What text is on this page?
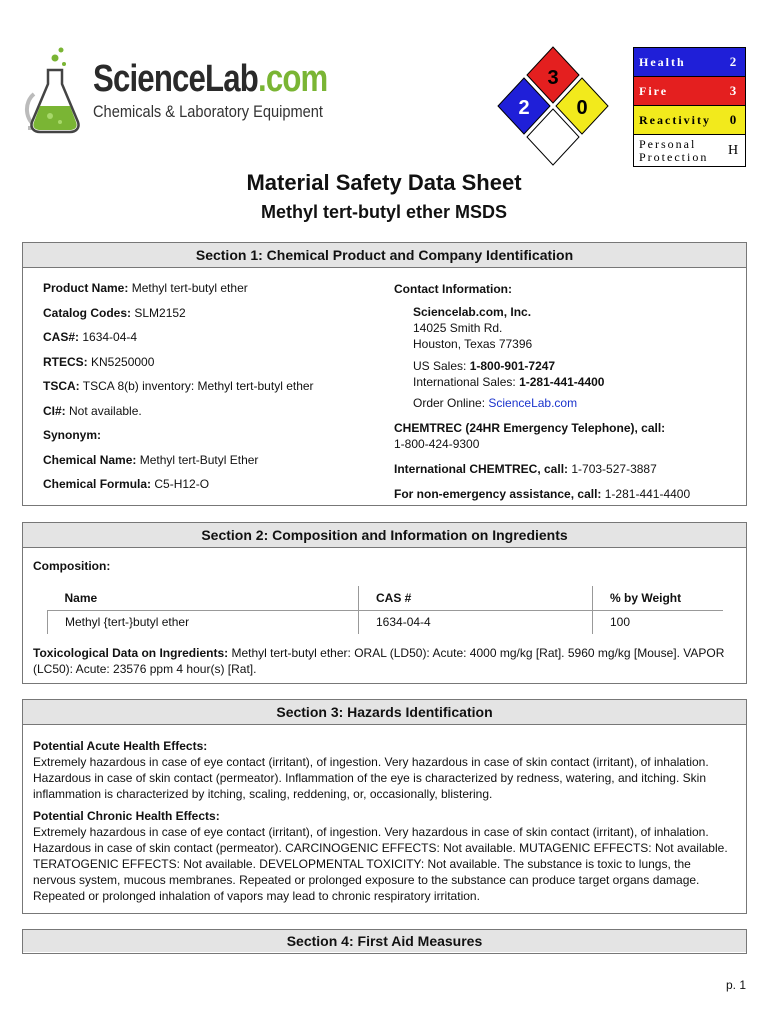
ScienceLab.com
Chemicals & Laboratory Equipment
3
2 0
Health	2
Fire	3
Reactivity	0
Personal
Protection	H
Material Safety Data Sheet
Methyl tert-butyl ether MSDS
Section 1: Chemical Product and Company Identification
Product Name: Methyl tert-butyl ether
Catalog Codes: SLM2152
CAS#: 1634-04-4
RTECS: KN5250000
TSCA: TSCA 8(b) inventory: Methyl tert-butyl ether
CI#: Not available.
Synonym:
Chemical Name: Methyl tert-Butyl Ether
Chemical Formula: C5-H12-O
Contact Information:
Sciencelab.com, Inc.
14025 Smith Rd.
Houston, Texas 77396
US Sales: 1-800-901-7247
International Sales: 1-281-441-4400
Order Online: ScienceLab.com
CHEMTREC (24HR Emergency Telephone), call:
1-800-424-9300
International CHEMTREC, call: 1-703-527-3887
For non-emergency assistance, call: 1-281-441-4400
Section 2: Composition and Information on Ingredients
Composition:
Name	CAS #	% by Weight
Methyl {tert-}butyl ether	1634-04-4	100
Toxicological Data on Ingredients: Methyl tert-butyl ether: ORAL (LD50): Acute: 4000 mg/kg [Rat]. 5960 mg/kg [Mouse]. VAPOR (LC50): Acute: 23576 ppm 4 hour(s) [Rat].
Section 3: Hazards Identification
Potential Acute Health Effects:

Extremely hazardous in case of eye contact (irritant), of ingestion. Very hazardous in case of skin contact (irritant), of inhalation. Hazardous in case of skin contact (permeator). Inflammation of the eye is characterized by redness, watering, and itching. Skin inflammation is characterized by itching, scaling, reddening, or, occasionally, blistering.

Potential Chronic Health Effects:

Extremely hazardous in case of eye contact (irritant), of ingestion. Very hazardous in case of skin contact (irritant), of inhalation. Hazardous in case of skin contact (permeator). CARCINOGENIC EFFECTS: Not available. MUTAGENIC EFFECTS: Not available. TERATOGENIC EFFECTS: Not available. DEVELOPMENTAL TOXICITY: Not available. The substance is toxic to lungs, the nervous system, mucous membranes. Repeated or prolonged exposure to the substance can produce target organs damage. Repeated or prolonged inhalation of vapors may lead to chronic respiratory irritation.

Section 4: First Aid Measures
p. 1
